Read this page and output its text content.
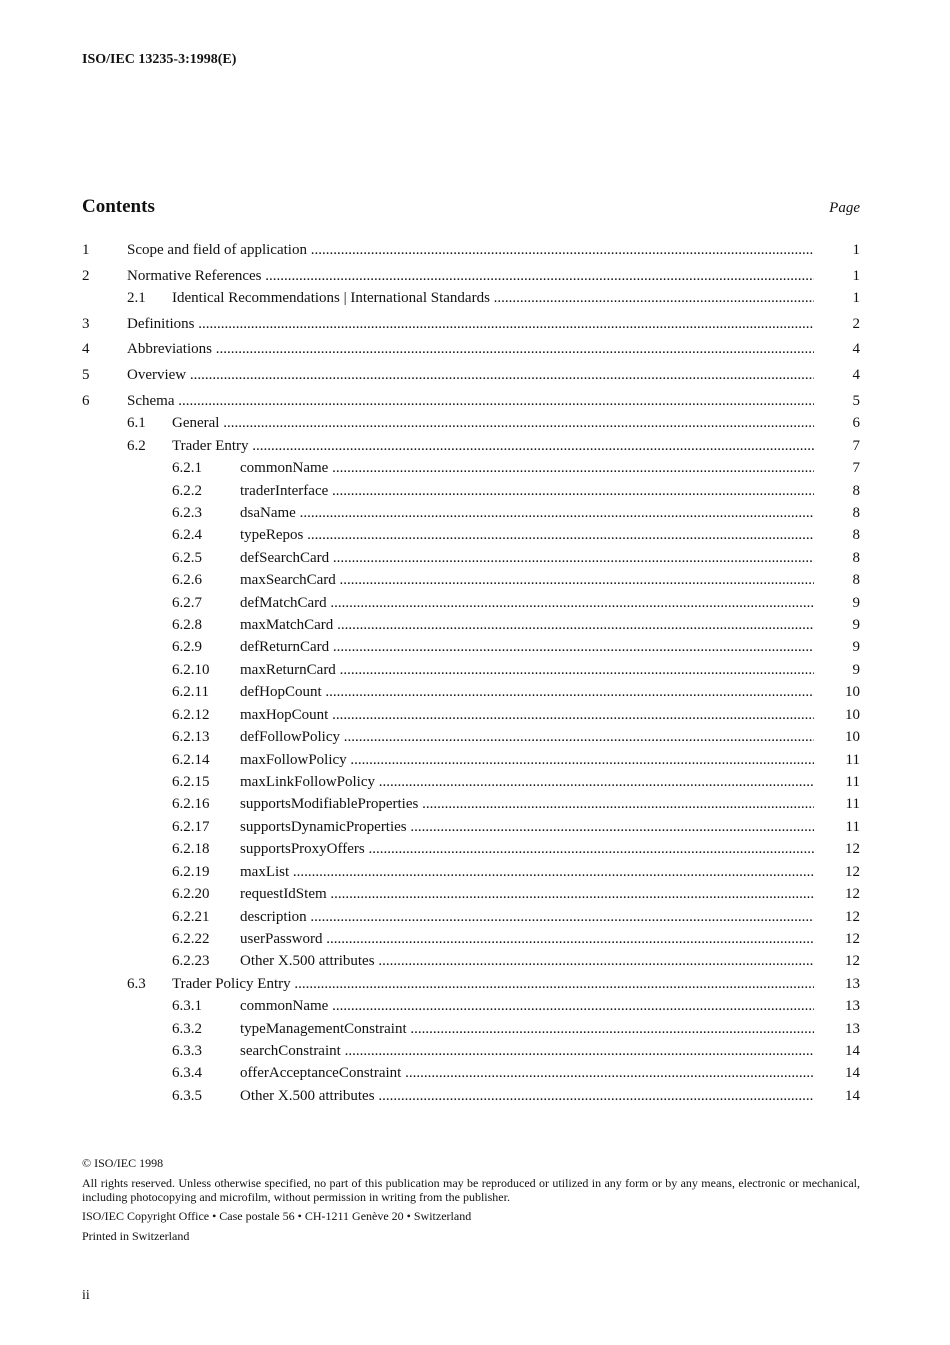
ISO/IEC 13235-3:1998(E)
Contents	Page
1	Scope and field of application .....	1
2	Normative References .....	1
2.1 Identical Recommendations | International Standards .....	1
3	Definitions .....	2
4	Abbreviations .....	4
5	Overview .....	4
6	Schema .....	5
6.1 General .....	6
6.2 Trader Entry .....	7
6.2.1	commonName .....	7
6.2.2	traderInterface .....	8
6.2.3	dsaName .....	8
6.2.4	typeRepos .....	8
6.2.5	defSearchCard .....	8
6.2.6	maxSearchCard .....	8
6.2.7	defMatchCard .....	9
6.2.8	maxMatchCard .....	9
6.2.9	defReturnCard .....	9
6.2.10 maxReturnCard .....	9
6.2.11 defHopCount .....	10
6.2.12 maxHopCount .....	10
6.2.13 defFollowPolicy .....	10
6.2.14 maxFollowPolicy .....	11
6.2.15 maxLinkFollowPolicy .....	11
6.2.16 supportsModifiableProperties .....	11
6.2.17 supportsDynamicProperties .....	11
6.2.18 supportsProxyOffers .....	12
6.2.19 maxList .....	12
6.2.20 requestIdStem .....	12
6.2.21 description .....	12
6.2.22 userPassword .....	12
6.2.23 Other X.500 attributes .....	12
6.3 Trader Policy Entry .....	13
6.3.1	commonName .....	13
6.3.2	typeManagementConstraint .....	13
6.3.3	searchConstraint .....	14
6.3.4	offerAcceptanceConstraint .....	14
6.3.5	Other X.500 attributes .....	14

© ISO/IEC 1998

All rights reserved. Unless otherwise specified, no part of this publication may be reproduced or utilized in any form or by any means, electronic or mechanical, including photocopying and microfilm, without permission in writing from the publisher.

ISO/IEC Copyright Office • Case postale 56 • CH-1211 Genève 20 • Switzerland

Printed in Switzerland

ii
